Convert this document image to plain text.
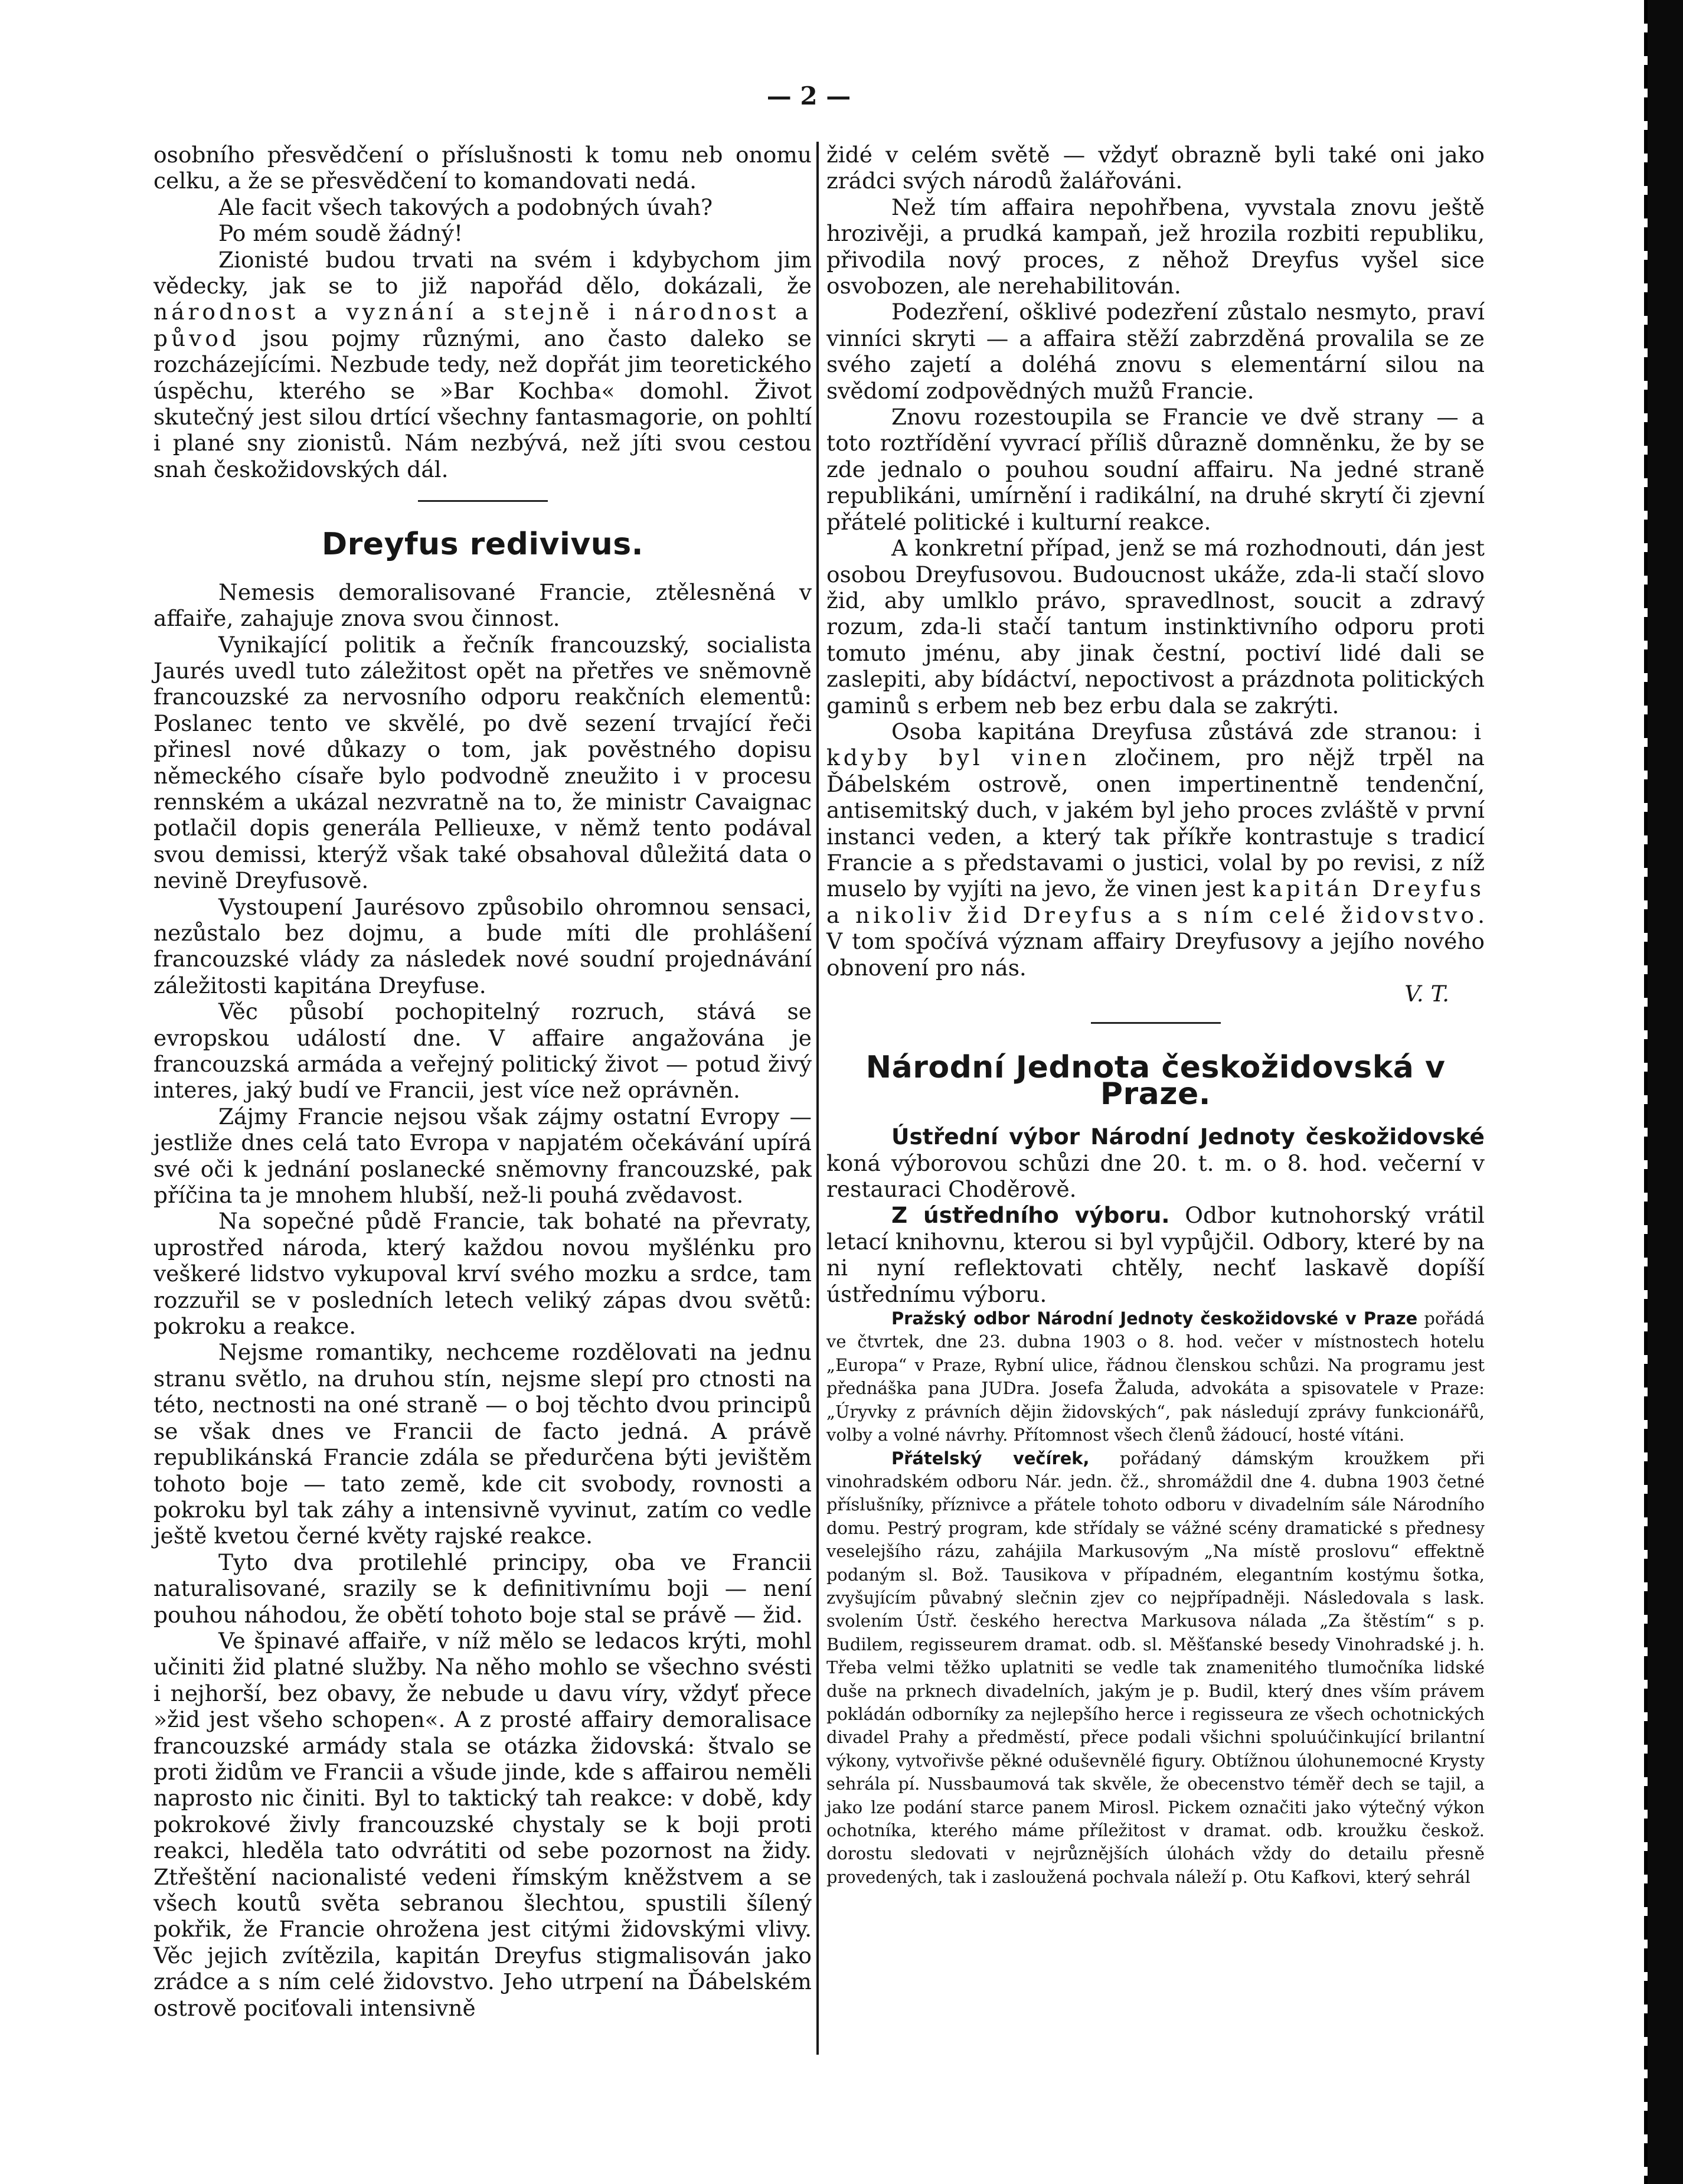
— 2 —

osobního přesvědčení o příslušnosti k tomu neb onomu celku, a že se přesvědčení to komandovati nedá.

Ale facit všech takových a podobných úvah?

Po mém soudě žádný!

Zionisté budou trvati na svém i kdybychom jim vědecky, jak se to již napořád dělo, dokázali, že národnost a vyznání a stejně i národnost a původ jsou pojmy různými, ano často daleko se rozcházejícími. Nezbude tedy, než dopřát jim teoretického úspěchu, kterého se »Bar Kochba« domohl. Život skutečný jest silou drtící všechny fantasmagorie, on pohltí i plané sny zionistů. Nám nezbývá, než jíti svou cestou snah českožidovských dál.

Dreyfus redivivus.

Nemesis demoralisované Francie, ztělesněná v affaiře, zahajuje znova svou činnost.

Vynikající politik a řečník francouzský, socialista Jaurés uvedl tuto záležitost opět na přetřes ve sněmovně francouzské za nervosního odporu reakčních elementů: Poslanec tento ve skvělé, po dvě sezení trvající řeči přinesl nové důkazy o tom, jak pověstného dopisu německého císaře bylo podvodně zneužito i v procesu rennském a ukázal nezvratně na to, že ministr Cavaignac potlačil dopis generála Pellieuxe, v němž tento podával svou demissi, kterýž však také obsahoval důležitá data o nevině Dreyfusově.

Vystoupení Jaurésovo způsobilo ohromnou sensaci, nezůstalo bez dojmu, a bude míti dle prohlášení francouzské vlády za následek nové soudní projednávání záležitosti kapitána Dreyfuse.

Věc působí pochopitelný rozruch, stává se evropskou událostí dne. V affaire angažována je francouzská armáda a veřejný politický život — potud živý interes, jaký budí ve Francii, jest více než oprávněn.

Zájmy Francie nejsou však zájmy ostatní Evropy — jestliže dnes celá tato Evropa v napjatém očekávání upírá své oči k jednání poslanecké sněmovny francouzské, pak příčina ta je mnohem hlubší, než-li pouhá zvědavost.

Na sopečné půdě Francie, tak bohaté na převraty, uprostřed národa, který každou novou myšlénku pro veškeré lidstvo vykupoval krví svého mozku a srdce, tam rozzuřil se v posledních letech veliký zápas dvou světů: pokroku a reakce.

Nejsme romantiky, nechceme rozdělovati na jednu stranu světlo, na druhou stín, nejsme slepí pro ctnosti na této, nectnosti na oné straně — o boj těchto dvou principů se však dnes ve Francii de facto jedná. A právě republikánská Francie zdála se předurčena býti jevištěm tohoto boje — tato země, kde cit svobody, rovnosti a pokroku byl tak záhy a intensivně vyvinut, zatím co vedle ještě kvetou černé květy rajské reakce.

Tyto dva protilehlé principy, oba ve Francii naturalisované, srazily se k definitivnímu boji — není pouhou náhodou, že obětí tohoto boje stal se právě — žid.

Ve špinavé affaiře, v níž mělo se ledacos krýti, mohl učiniti žid platné služby. Na něho mohlo se všechno svésti i nejhorší, bez obavy, že nebude u davu víry, vždyť přece »žid jest všeho schopen«. A z prosté affairy demoralisace francouzské armády stala se otázka židovská: štvalo se proti židům ve Francii a všude jinde, kde s affairou neměli naprosto nic činiti. Byl to taktický tah reakce: v době, kdy pokrokové živly francouzské chystaly se k boji proti reakci, hleděla tato odvrátiti od sebe pozornost na židy. Ztřeštění nacionalisté vedeni římským kněžstvem a se všech koutů světa sebranou šlechtou, spustili šílený pokřik, že Francie ohrožena jest citými židovskými vlivy. Věc jejich zvítězila, kapitán Dreyfus stigmalisován jako zrádce a s ním celé židovstvo. Jeho utrpení na Ďábelském ostrově pociťovali intensivně

židé v celém světě — vždyť obrazně byli také oni jako zrádci svých národů žalářováni.

Než tím affaira nepohřbena, vyvstala znovu ještě hrozivěji, a prudká kampaň, jež hrozila rozbiti republiku, přivodila nový proces, z něhož Dreyfus vyšel sice osvobozen, ale nerehabilitován.

Podezření, ošklivé podezření zůstalo nesmyto, praví vinníci skryti — a affaira stěží zabrzděná provalila se ze svého zajetí a doléhá znovu s elementární silou na svědomí zodpovědných mužů Francie.

Znovu rozestoupila se Francie ve dvě strany — a toto roztřídění vyvrací příliš důrazně domněnku, že by se zde jednalo o pouhou soudní affairu. Na jedné straně republikáni, umírnění i radikální, na druhé skrytí či zjevní přátelé politické i kulturní reakce.

A konkretní případ, jenž se má rozhodnouti, dán jest osobou Dreyfusovou. Budoucnost ukáže, zda-li stačí slovo žid, aby umlklo právo, spravedlnost, soucit a zdravý rozum, zda-li stačí tantum instinktivního odporu proti tomuto jménu, aby jinak čestní, poctiví lidé dali se zaslepiti, aby bídáctví, nepoctivost a prázdnota politických gaminů s erbem neb bez erbu dala se zakrýti.

Osoba kapitána Dreyfusa zůstává zde stranou: i kdyby byl vinen zločinem, pro nějž trpěl na Ďábelském ostrově, onen impertinentně tendenční, antisemitský duch, v jakém byl jeho proces zvláště v první instanci veden, a který tak příkře kontrastuje s tradicí Francie a s představami o justici, volal by po revisi, z níž muselo by vyjíti na jevo, že vinen jest kapitán Dreyfus a nikoliv žid Dreyfus a s ním celé židovstvo. V tom spočívá význam affairy Dreyfusovy a jejího nového obnovení pro nás.

V. T.
Národní Jednota českožidovská v Praze.

Ústřední výbor Národní Jednoty českožidovské koná výborovou schůzi dne 20. t. m. o 8. hod. večerní v restauraci Choděrově.

Z ústředního výboru. Odbor kutnohorský vrátil letací knihovnu, kterou si byl vypůjčil. Odbory, které by na ni nyní reflektovati chtěly, nechť laskavě dopíší ústřednímu výboru.

Pražský odbor Národní Jednoty českožidovské v Praze pořádá ve čtvrtek, dne 23. dubna 1903 o 8. hod. večer v místnostech hotelu „Europa“ v Praze, Rybní ulice, řádnou členskou schůzi. Na programu jest přednáška pana JUDra. Josefa Žaluda, advokáta a spisovatele v Praze: „Úryvky z právních dějin židovských“, pak následují zprávy funkcionářů, volby a volné návrhy. Přítomnost všech členů žádoucí, hosté vítáni.

Přátelský večírek, pořádaný dámským kroužkem při vinohradském odboru Nár. jedn. čž., shromáždil dne 4. dubna 1903 četné příslušníky, příznivce a přátele tohoto odboru v divadelním sále Národního domu. Pestrý program, kde střídaly se vážné scény dramatické s přednesy veselejšího rázu, zahájila Markusovým „Na místě proslovu“ effektně podaným sl. Bož. Tausikova v případném, elegantním kostýmu šotka, zvyšujícím půvabný slečnin zjev co nejpřípadněji. Následovala s lask. svolením Ústř. českého herectva Markusova nálada „Za štěstím“ s p. Budilem, regisseurem dramat. odb. sl. Měšťanské besedy Vinohradské j. h. Třeba velmi těžko uplatniti se vedle tak znamenitého tlumočníka lidské duše na prknech divadelních, jakým je p. Budil, který dnes vším právem pokládán odborníky za nejlepšího herce i regisseura ze všech ochotnických divadel Prahy a předměstí, přece podali všichni spoluúčinkující brilantní výkony, vytvořivše pěkné oduševnělé figury. Obtížnou úlohunemocné Krysty sehrála pí. Nussbaumová tak skvěle, že obecenstvo téměř dech se tajil, a jako lze podání starce panem Mirosl. Pickem označiti jako výtečný výkon ochotníka, kterého máme příležitost v dramat. odb. kroužku českož. dorostu sledovati v nejrůznějších úlohách vždy do detailu přesně provedených, tak i zasloužená pochvala náleží p. Otu Kafkovi, který sehrál
